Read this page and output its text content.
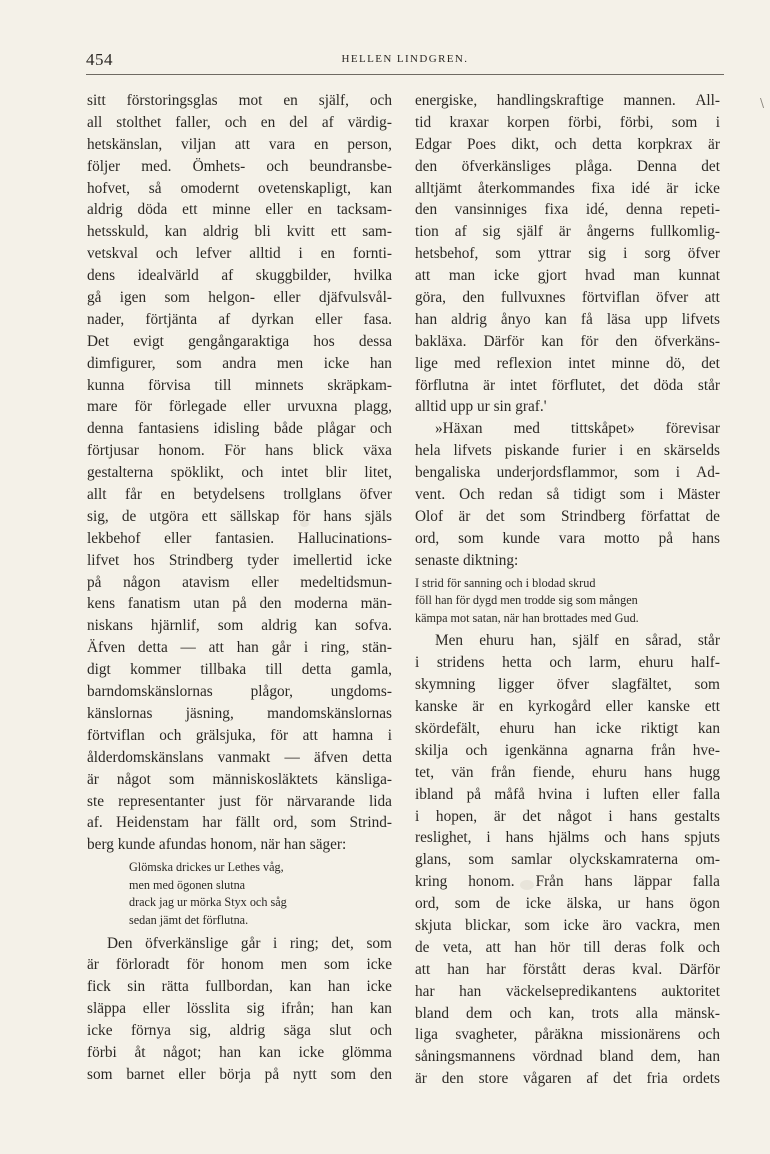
454	HELLEN LINDGREN.
\
sitt förstoringsglas mot en själf, och
all stolthet faller, och en del af värdig-
hetskänslan, viljan att vara en person,
följer med. Ömhets- och beundransbe-
hofvet, så omodernt ovetenskapligt, kan
aldrig döda ett minne eller en tacksam-
hetsskuld, kan aldrig bli kvitt ett sam-
vetskval och lefver alltid i en fornti-
dens idealvärld af skuggbilder, hvilka
gå igen som helgon- eller djäfvulsvål-
nader, förtjänta af dyrkan eller fasa.
Det evigt gengångaraktiga hos dessa
dimfigurer, som andra men icke han
kunna förvisa till minnets skräpkam-
mare för förlegade eller urvuxna plagg,
denna fantasiens idisling både plågar och
förtjusar honom. För hans blick växa
gestalterna spöklikt, och intet blir litet,
allt får en betydelsens trollglans öfver
sig, de utgöra ett sällskap för hans själs
lekbehof eller fantasien. Hallucinations-
lifvet hos Strindberg tyder imellertid icke
på någon atavism eller medeltidsmun-
kens fanatism utan på den moderna män-
niskans hjärnlif, som aldrig kan sofva.
Äfven detta — att han går i ring, stän-
digt kommer tillbaka till detta gamla,
barndomskänslornas plågor, ungdoms-
känslornas jäsning, mandomskänslornas
förtviflan och grälsjuka, för att hamna i
ålderdomskänslans vanmakt — äfven detta
är något som människosläktets känsliga-
ste representanter just för närvarande lida
af. Heidenstam har fällt ord, som Strind-
berg kunde afundas honom, när han säger:
Glömska drickes ur Lethes våg,
men med ögonen slutna
drack jag ur mörka Styx och såg
sedan jämt det förflutna.
Den öfverkänslige går i ring; det, som
är förloradt för honom men som icke
fick sin rätta fullbordan, kan han icke
släppa eller lösslita sig ifrån; han kan
icke förnya sig, aldrig säga slut och
förbi åt något; han kan icke glömma
som barnet eller börja på nytt som den
energiske, handlingskraftige mannen. All-
tid kraxar korpen förbi, förbi, som i
Edgar Poes dikt, och detta korpkrax är
den öfverkänsliges plåga. Denna det
alltjämt återkommandes fixa idé är icke
den vansinniges fixa idé, denna repeti-
tion af sig själf är ångerns fullkomlig-
hetsbehof, som yttrar sig i sorg öfver
att man icke gjort hvad man kunnat
göra, den fullvuxnes förtviflan öfver att
han aldrig ånyo kan få läsa upp lifvets
bakläxa. Därför kan för den öfverkäns-
lige med reflexion intet minne dö, det
förflutna är intet förflutet, det döda står
alltid upp ur sin graf.'
»Häxan med tittskåpet» förevisar
hela lifvets piskande furier i en skärselds
bengaliska underjordsflammor, som i Ad-
vent. Och redan så tidigt som i Mäster
Olof är det som Strindberg författat de
ord, som kunde vara motto på hans
senaste diktning:
I strid för sanning och i blodad skrud
föll han för dygd men trodde sig som mången
kämpa mot satan, när han brottades med Gud.
Men ehuru han, själf en sårad, står
i stridens hetta och larm, ehuru half-
skymning ligger öfver slagfältet, som
kanske är en kyrkogård eller kanske ett
skördefält, ehuru han icke riktigt kan
skilja och igenkänna agnarna från hve-
tet, vän från fiende, ehuru hans hugg
ibland på måfå hvina i luften eller falla
i hopen, är det något i hans gestalts
reslighet, i hans hjälms och hans spjuts
glans, som samlar olyckskamraterna om-
kring honom. Från hans läppar falla
ord, som de icke älska, ur hans ögon
skjuta blickar, som icke äro vackra, men
de veta, att han hör till deras folk och
att han har förstått deras kval. Därför
har han väckelsepredikantens auktoritet
bland dem och kan, trots alla mänsk-
liga svagheter, påräkna missionärens och
såningsmannens vördnad bland dem, han
är den store vågaren af det fria ordets
